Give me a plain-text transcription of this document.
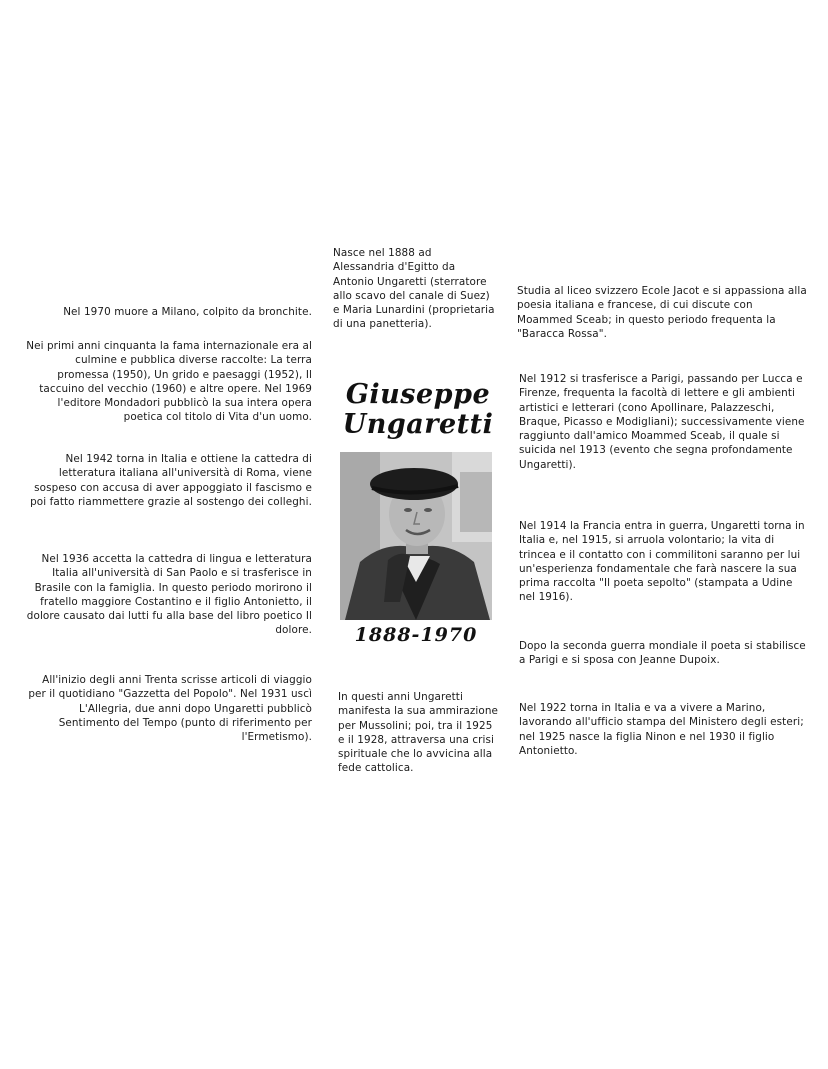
Nel 1970 muore a Milano, colpito da bronchite.

Nei primi anni cinquanta la fama internazionale era al culmine e pubblica diverse raccolte: La terra promessa (1950), Un grido e paesaggi (1952), Il taccuino del vecchio (1960) e altre opere. Nel 1969 l'editore Mondadori pubblicò la sua intera opera poetica col titolo di Vita d'un uomo.

Nel 1942 torna in Italia e ottiene la cattedra di letteratura italiana all'università di Roma, viene sospeso con accusa di aver appoggiato il fascismo e poi fatto riammettere grazie al sostengo dei colleghi.

Nel 1936 accetta la cattedra di lingua e letteratura Italia all'università di San Paolo e si trasferisce in Brasile con la famiglia. In questo periodo morirono il fratello maggiore Costantino e il figlio Antonietto, il dolore causato dai lutti fu alla base del libro poetico Il dolore.

All'inizio degli anni Trenta scrisse articoli di viaggio per il quotidiano "Gazzetta del Popolo". Nel 1931 uscì L'Allegria, due anni dopo Ungaretti pubblicò Sentimento del Tempo (punto di riferimento per l'Ermetismo).

Nasce nel 1888 ad Alessandria d'Egitto da Antonio Ungaretti (sterratore allo scavo del canale di Suez) e Maria Lunardini (proprietaria di una panetteria).

Giuseppe
Ungaretti

1888-1970

In questi anni Ungaretti manifesta la sua ammirazione per Mussolini; poi, tra il 1925 e il 1928, attraversa una crisi spirituale che lo avvicina alla fede cattolica.

Studia al liceo svizzero Ecole Jacot e si appassiona alla poesia italiana e francese, di cui discute con Moammed Sceab; in questo periodo frequenta la "Baracca Rossa".

Nel 1912 si trasferisce a Parigi, passando per Lucca e Firenze, frequenta la facoltà di lettere e gli ambienti artistici e letterari (cono Apollinare, Palazzeschi, Braque, Picasso e Modigliani); successivamente viene raggiunto dall'amico Moammed Sceab, il quale si suicida nel 1913 (evento che segna profondamente Ungaretti).

Nel 1914 la Francia entra in guerra, Ungaretti torna in Italia e, nel 1915, si arruola volontario; la vita di trincea e il contatto con i commilitoni saranno per lui un'esperienza fondamentale che farà nascere la sua prima raccolta "Il poeta sepolto" (stampata a Udine nel 1916).

Dopo la seconda guerra mondiale il poeta si stabilisce a Parigi e si sposa con Jeanne Dupoix.

Nel 1922 torna in Italia e va a vivere a Marino, lavorando all'ufficio stampa del Ministero degli esteri; nel 1925 nasce la figlia Ninon e nel 1930 il figlio Antonietto.
